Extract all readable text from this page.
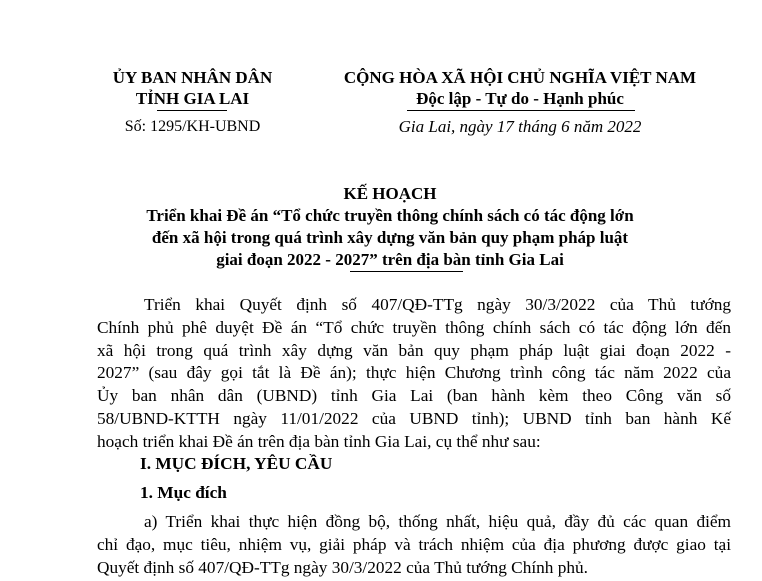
ỦY BAN NHÂN DÂN
TỈNH GIA LAI
Số: 1295/KH-UBND
CỘNG HÒA XÃ HỘI CHỦ NGHĨA VIỆT NAM
Độc lập - Tự do - Hạnh phúc
Gia Lai, ngày 17 tháng 6 năm 2022
KẾ HOẠCH
Triển khai Đề án “Tổ chức truyền thông chính sách có tác động lớn
đến xã hội trong quá trình xây dựng văn bản quy phạm pháp luật
giai đoạn 2022 - 2027” trên địa bàn tỉnh Gia Lai
Triển khai Quyết định số 407/QĐ-TTg ngày 30/3/2022 của Thủ tướng
Chính phủ phê duyệt Đề án “Tổ chức truyền thông chính sách có tác động lớn đến
xã hội trong quá trình xây dựng văn bản quy phạm pháp luật giai đoạn 2022 -
2027” (sau đây gọi tắt là Đề án); thực hiện Chương trình công tác năm 2022 của
Ủy ban nhân dân (UBND) tỉnh Gia Lai (ban hành kèm theo Công văn số
58/UBND-KTTH ngày 11/01/2022 của UBND tỉnh); UBND tỉnh ban hành Kế
hoạch triển khai Đề án trên địa bàn tỉnh Gia Lai, cụ thể như sau:
I. MỤC ĐÍCH, YÊU CẦU
1. Mục đích
a) Triển khai thực hiện đồng bộ, thống nhất, hiệu quả, đầy đủ các quan điểm
chỉ đạo, mục tiêu, nhiệm vụ, giải pháp và trách nhiệm của địa phương được giao tại
Quyết định số 407/QĐ-TTg ngày 30/3/2022 của Thủ tướng Chính phủ.
